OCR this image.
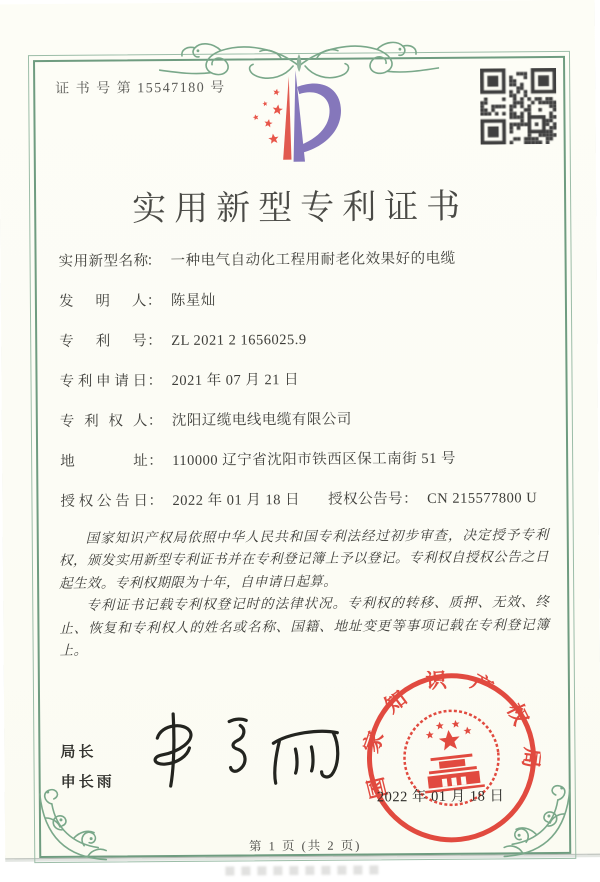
证 书 号 第 15547180 号
实用新型专利证书
实用新型名称
： 一种电气自动化工程用耐老化效果好的电缆
发明人 ： 陈星灿
专利号 ： ZL 2021 2 1656025.9
专利申请日 ： 2021 年 07 月 21 日
专利权人 ： 沈阳辽缆电线电缆有限公司
地址 ： 110000 辽宁省沈阳市铁西区保工南街 51 号
授权公告日 ： 2022 年 01 月 18 日 授权公告号 ： CN 215577800 U

国家知识产权局依照中华人民共和国专利法经过初步审查，决定授予专利权，颁发实用新型专利证书并在专利登记簿上予以登记。专利权自授权公告之日起生效。专利权期限为十年，自申请日起算。

专利证书记载专利权登记时的法律状况。专利权的转移、质押、无效、终止、恢复和专利权人的姓名或名称、国籍、地址变更等事项记载在专利登记簿上。

局长
申长雨	国家知识产权局
2022 年 01 月 18 日
第 1 页 (共 2 页)
